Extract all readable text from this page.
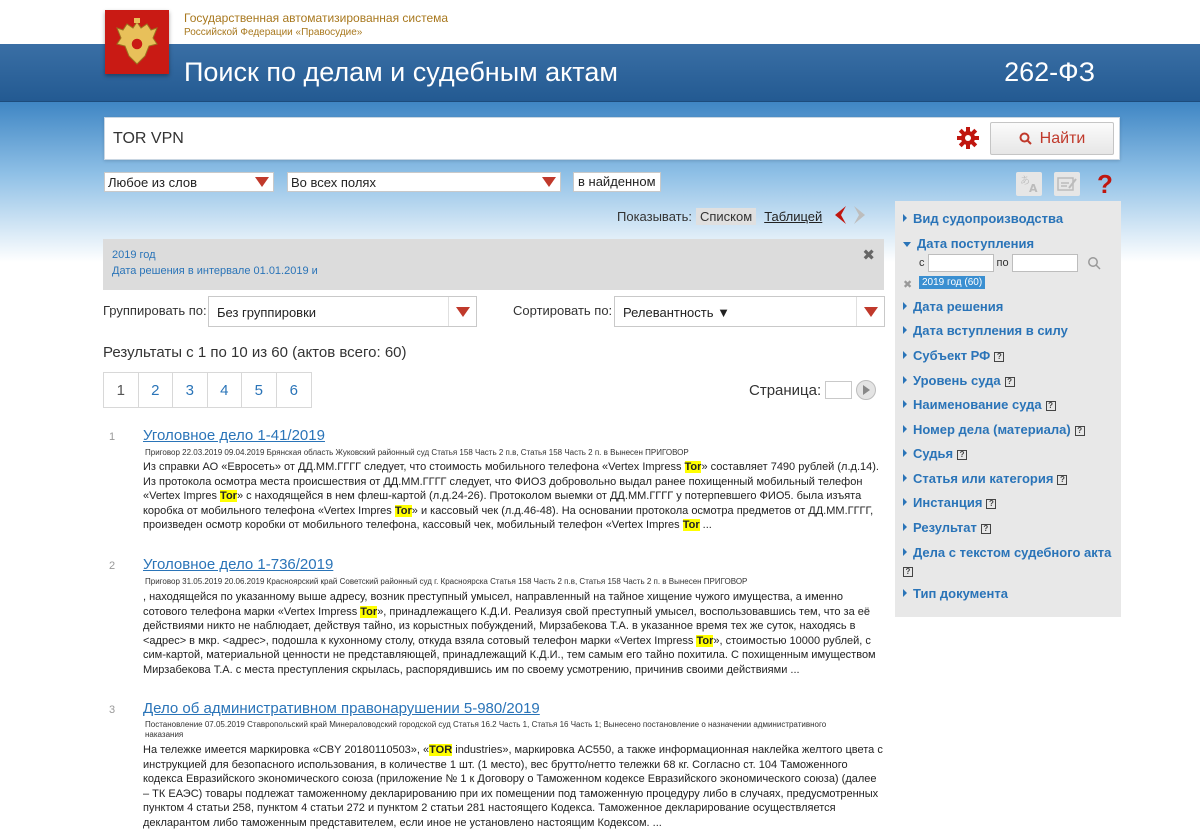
Государственная автоматизированная система
Российской Федерации «Правосудие»
Поиск по делам и судебным актам	262-ФЗ
TOR VPN
Найти
Любое из слов	Во всех полях	в найденном	あ
A ?
Показывать: Списком Таблицей
2019 год
Дата решения в интервале 01.01.2019 и
✖
Группировать по: Без группировки	Сортировать по: Релевантность ▼
Результаты с 1 по 10 из 60 (актов всего: 60)
1	2	3	4	5	6	Страница:
1 Уголовное дело 1-41/2019
Приговор 22.03.2019 09.04.2019 Брянская область Жуковский районный суд Статья 158 Часть 2 п.в, Статья 158 Часть 2 п. в Вынесен ПРИГОВОР
Из справки АО «Евросеть» от ДД.ММ.ГГГГ следует, что стоимость мобильного телефона «Vertex Impress Tor» составляет 7490 рублей (л.д.14). Из протокола осмотра места происшествия от ДД.ММ.ГГГГ следует, что ФИОЗ добровольно выдал ранее похищенный мобильный телефон «Vertex Impres Tor» с находящейся в нем флеш-картой (л.д.24-26). Протоколом выемки от ДД.ММ.ГГГГ у потерпевшего ФИО5. была изъята коробка от мобильного телефона «Vertex Impres Tor» и кассовый чек (л.д.46-48). На основании протокола осмотра предметов от ДД.ММ.ГГГГ, произведен осмотр коробки от мобильного телефона, кассовый чек, мобильный телефон «Vertex Impres Tor ...
2 Уголовное дело 1-736/2019
Приговор 31.05.2019 20.06.2019 Красноярский край Советский районный суд г. Красноярска Статья 158 Часть 2 п.в, Статья 158 Часть 2 п. в Вынесен ПРИГОВОР
, находящейся по указанному выше адресу, возник преступный умысел, направленный на тайное хищение чужого имущества, а именно сотового телефона марки «Vertex Impress Tor», принадлежащего К.Д.И. Реализуя свой преступный умысел, воспользовавшись тем, что за её действиями никто не наблюдает, действуя тайно, из корыстных побуждений, Мирзабекова Т.А. в указанное время тех же суток, находясь в <адрес> в мкр. <адрес>, подошла к кухонному столу, откуда взяла сотовый телефон марки «Vertex Impress Tor», стоимостью 10000 рублей, с сим-картой, материальной ценности не представляющей, принадлежащий К.Д.И., тем самым его тайно похитила. С похищенным имуществом Мирзабекова Т.А. с места преступления скрылась, распорядившись им по своему усмотрению, причинив своими действиями ...
3 Дело об административном правонарушении 5-980/2019
Постановление 07.05.2019 Ставропольский край Минераловодский городской суд Статья 16.2 Часть 1, Статья 16 Часть 1; Вынесено постановление о назначении административного наказания
На тележке имеется маркировка «CBY 20180110503», «TOR industries», маркировка AC550, а также информационная наклейка желтого цвета с инструкцией для безопасного использования, в количестве 1 шт. (1 место), вес брутто/нетто тележки 68 кг. Согласно ст. 104 Таможенного кодекса Евразийского экономического союза (приложение № 1 к Договору о Таможенном кодексе Евразийского экономического союза) (далее – ТК ЕАЭС) товары подлежат таможенному декларированию при их помещении под таможенную процедуру либо в случаях, предусмотренных пунктом 4 статьи 258, пунктом 4 статьи 272 и пунктом 2 статьи 281 настоящего Кодекса. Таможенное декларирование осуществляется декларантом либо таможенным представителем, если иное не установлено настоящим Кодексом. ...
Вид судопроизводства
Дата поступления
с	по
✖ 2019 год (60)
Дата решения
Дата вступления в силу
Субъект РФ ?
Уровень суда ?
Наименование суда ?
Номер дела (материала) ?
Судья ?
Статья или категория ?
Инстанция ?
Результат ?
Дела с текстом судебного акта
?
Тип документа
